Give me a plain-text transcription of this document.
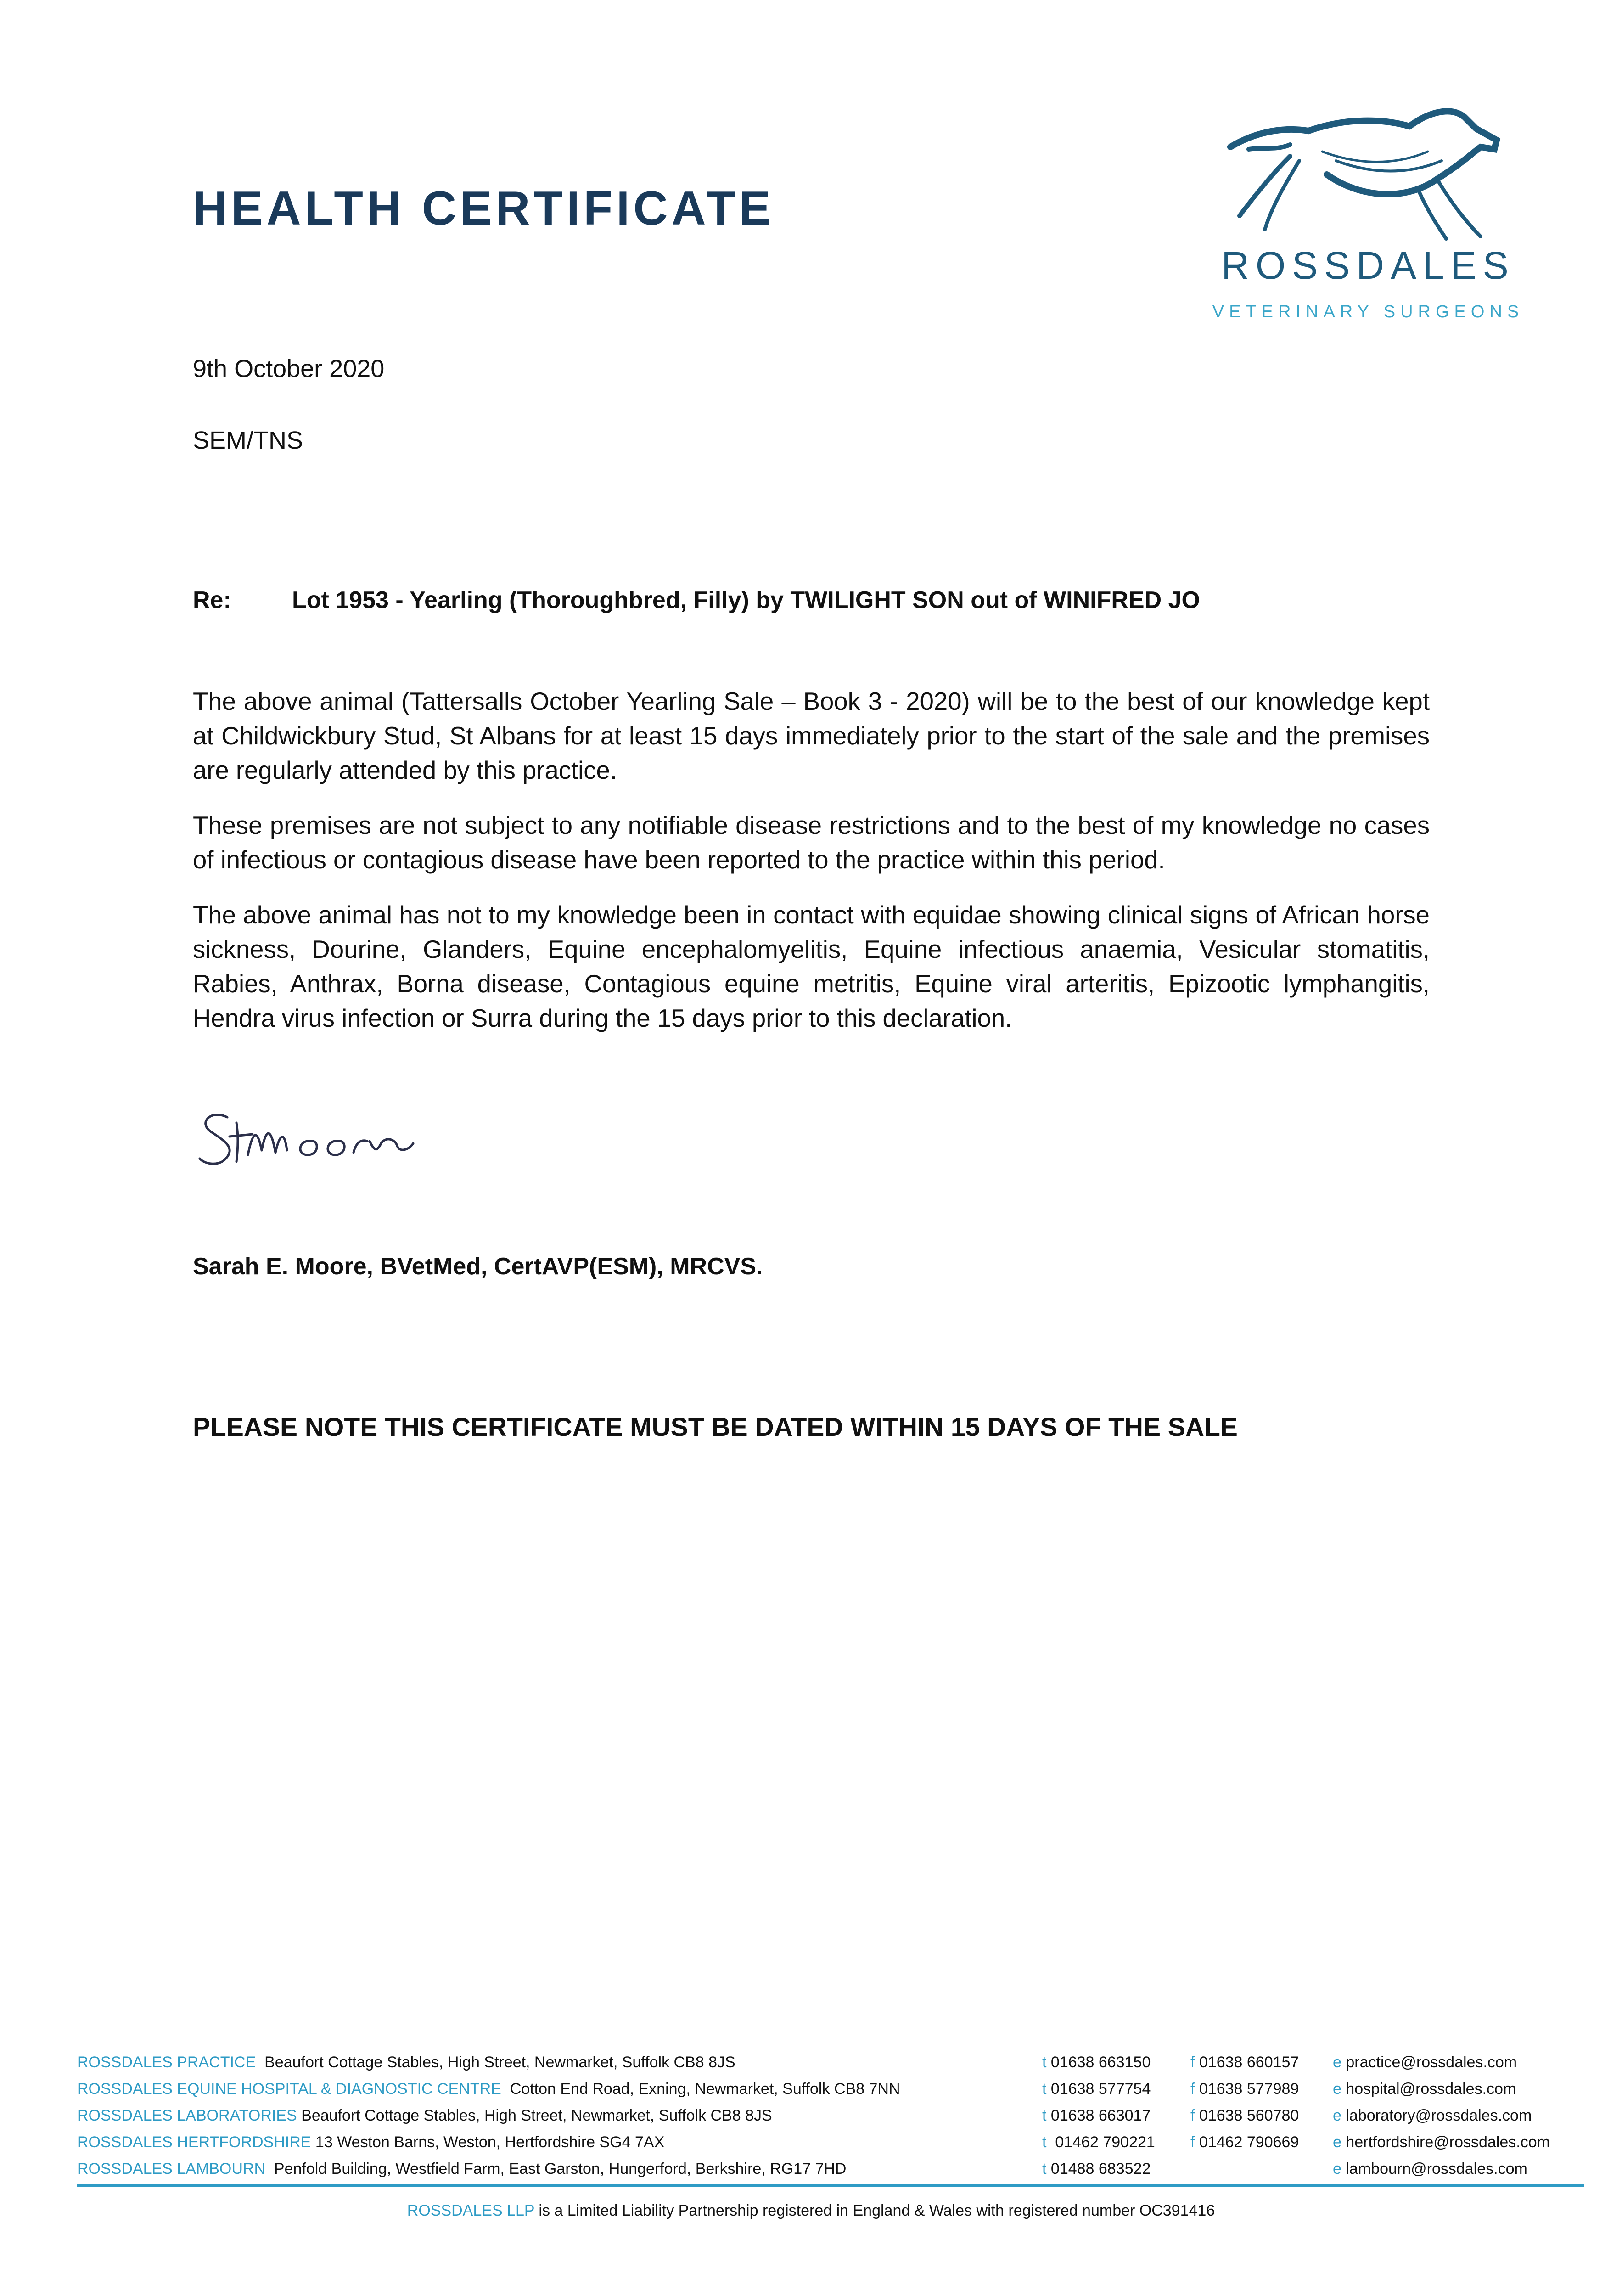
HEALTH CERTIFICATE
ROSSDALES
VETERINARY SURGEONS
9th October 2020
SEM/TNS
Re:	Lot 1953 - Yearling (Thoroughbred, Filly) by TWILIGHT SON out of WINIFRED JO

The above animal (Tattersalls October Yearling Sale – Book 3 - 2020) will be to the best of our knowledge kept at Childwickbury Stud, St Albans for at least 15 days immediately prior to the start of the sale and the premises are regularly attended by this practice.

These premises are not subject to any notifiable disease restrictions and to the best of my knowledge no cases of infectious or contagious disease have been reported to the practice within this period.

The above animal has not to my knowledge been in contact with equidae showing clinical signs of African horse sickness, Dourine, Glanders, Equine encephalomyelitis, Equine infectious anaemia, Vesicular stomatitis, Rabies, Anthrax, Borna disease, Contagious equine metritis, Equine viral arteritis, Epizootic lymphangitis, Hendra virus infection or Surra during the 15 days prior to this declaration.

Sarah E. Moore, BVetMed, CertAVP(ESM), MRCVS.
PLEASE NOTE THIS CERTIFICATE MUST BE DATED WITHIN 15 DAYS OF THE SALE
ROSSDALES PRACTICE Beaufort Cottage Stables, High Street, Newmarket, Suffolk CB8 8JS	t 01638 663150	f 01638 660157 e practice@rossdales.com
ROSSDALES EQUINE HOSPITAL & DIAGNOSTIC CENTRE Cotton End Road, Exning, Newmarket, Suffolk CB8 7NN	t 01638 577754	f 01638 577989 e hospital@rossdales.com
ROSSDALES LABORATORIES Beaufort Cottage Stables, High Street, Newmarket, Suffolk CB8 8JS	t 01638 663017	f 01638 560780 e laboratory@rossdales.com
ROSSDALES HERTFORDSHIRE 13 Weston Barns, Weston, Hertfordshire SG4 7AX	t 01462 790221 f 01462 790669 e hertfordshire@rossdales.com
ROSSDALES LAMBOURN Penfold Building, Westfield Farm, East Garston, Hungerford, Berkshire, RG17 7HD	t 01488 683522	e lambourn@rossdales.com
ROSSDALES LLP is a Limited Liability Partnership registered in England & Wales with registered number OC391416
